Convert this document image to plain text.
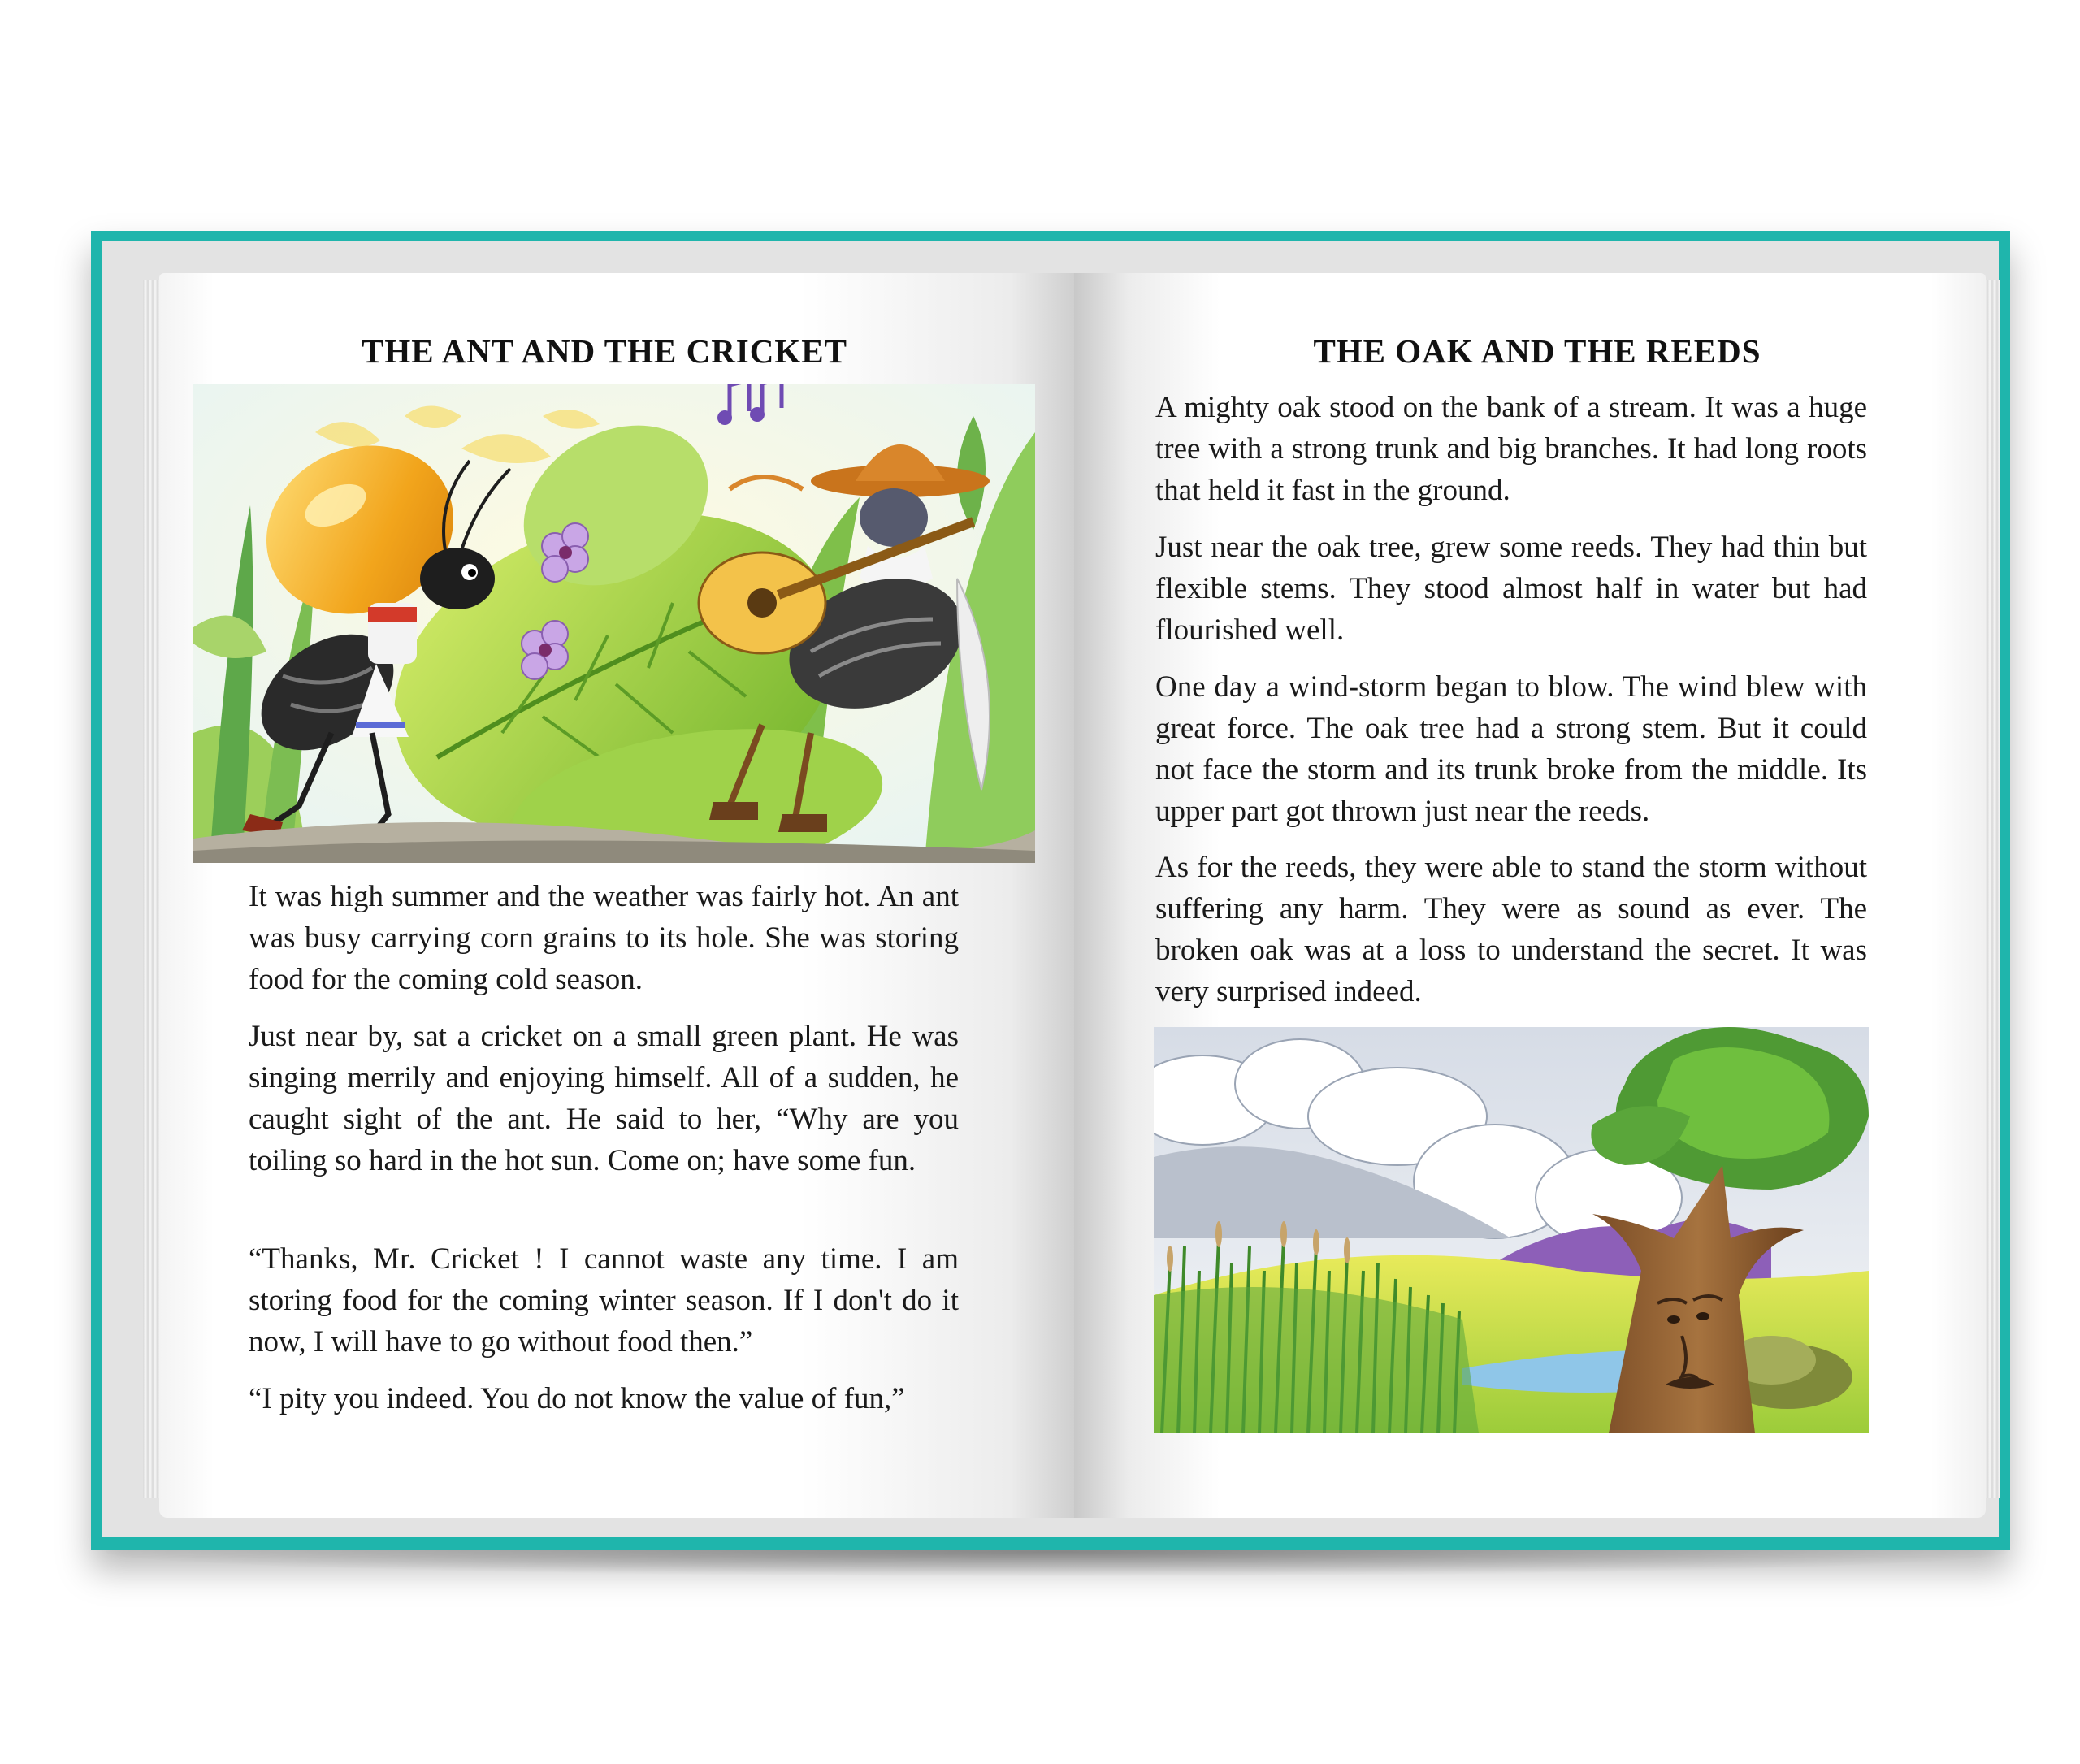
THE ANT AND THE CRICKET

It was high summer and the weather was fairly hot. An ant was busy carrying corn grains to its hole. She was storing food for the coming cold season.

Just near by, sat a cricket on a small green plant. He was singing merrily and enjoying himself. All of a sudden, he caught sight of the ant. He said to her, “Why are you toiling so hard in the hot sun. Come on; have some fun.

“Thanks, Mr. Cricket ! I cannot waste any time. I am storing food for the coming winter season. If I don't do it now, I will have to go without food then.”

“I pity you indeed. You do not know the value of fun,”

THE OAK AND THE REEDS

A mighty oak stood on the bank of a stream. It was a huge tree with a strong trunk and big branches. It had long roots that held it fast in the ground.

Just near the oak tree, grew some reeds. They had thin but flexible stems. They stood almost half in water but had flourished well.

One day a wind-storm began to blow. The wind blew with great force. The oak tree had a strong stem. But it could not face the storm and its trunk broke from the middle. Its upper part got thrown just near the reeds.

As for the reeds, they were able to stand the storm without suffering any harm. They were as sound as ever. The broken oak was at a loss to understand the secret. It was very surprised indeed.
